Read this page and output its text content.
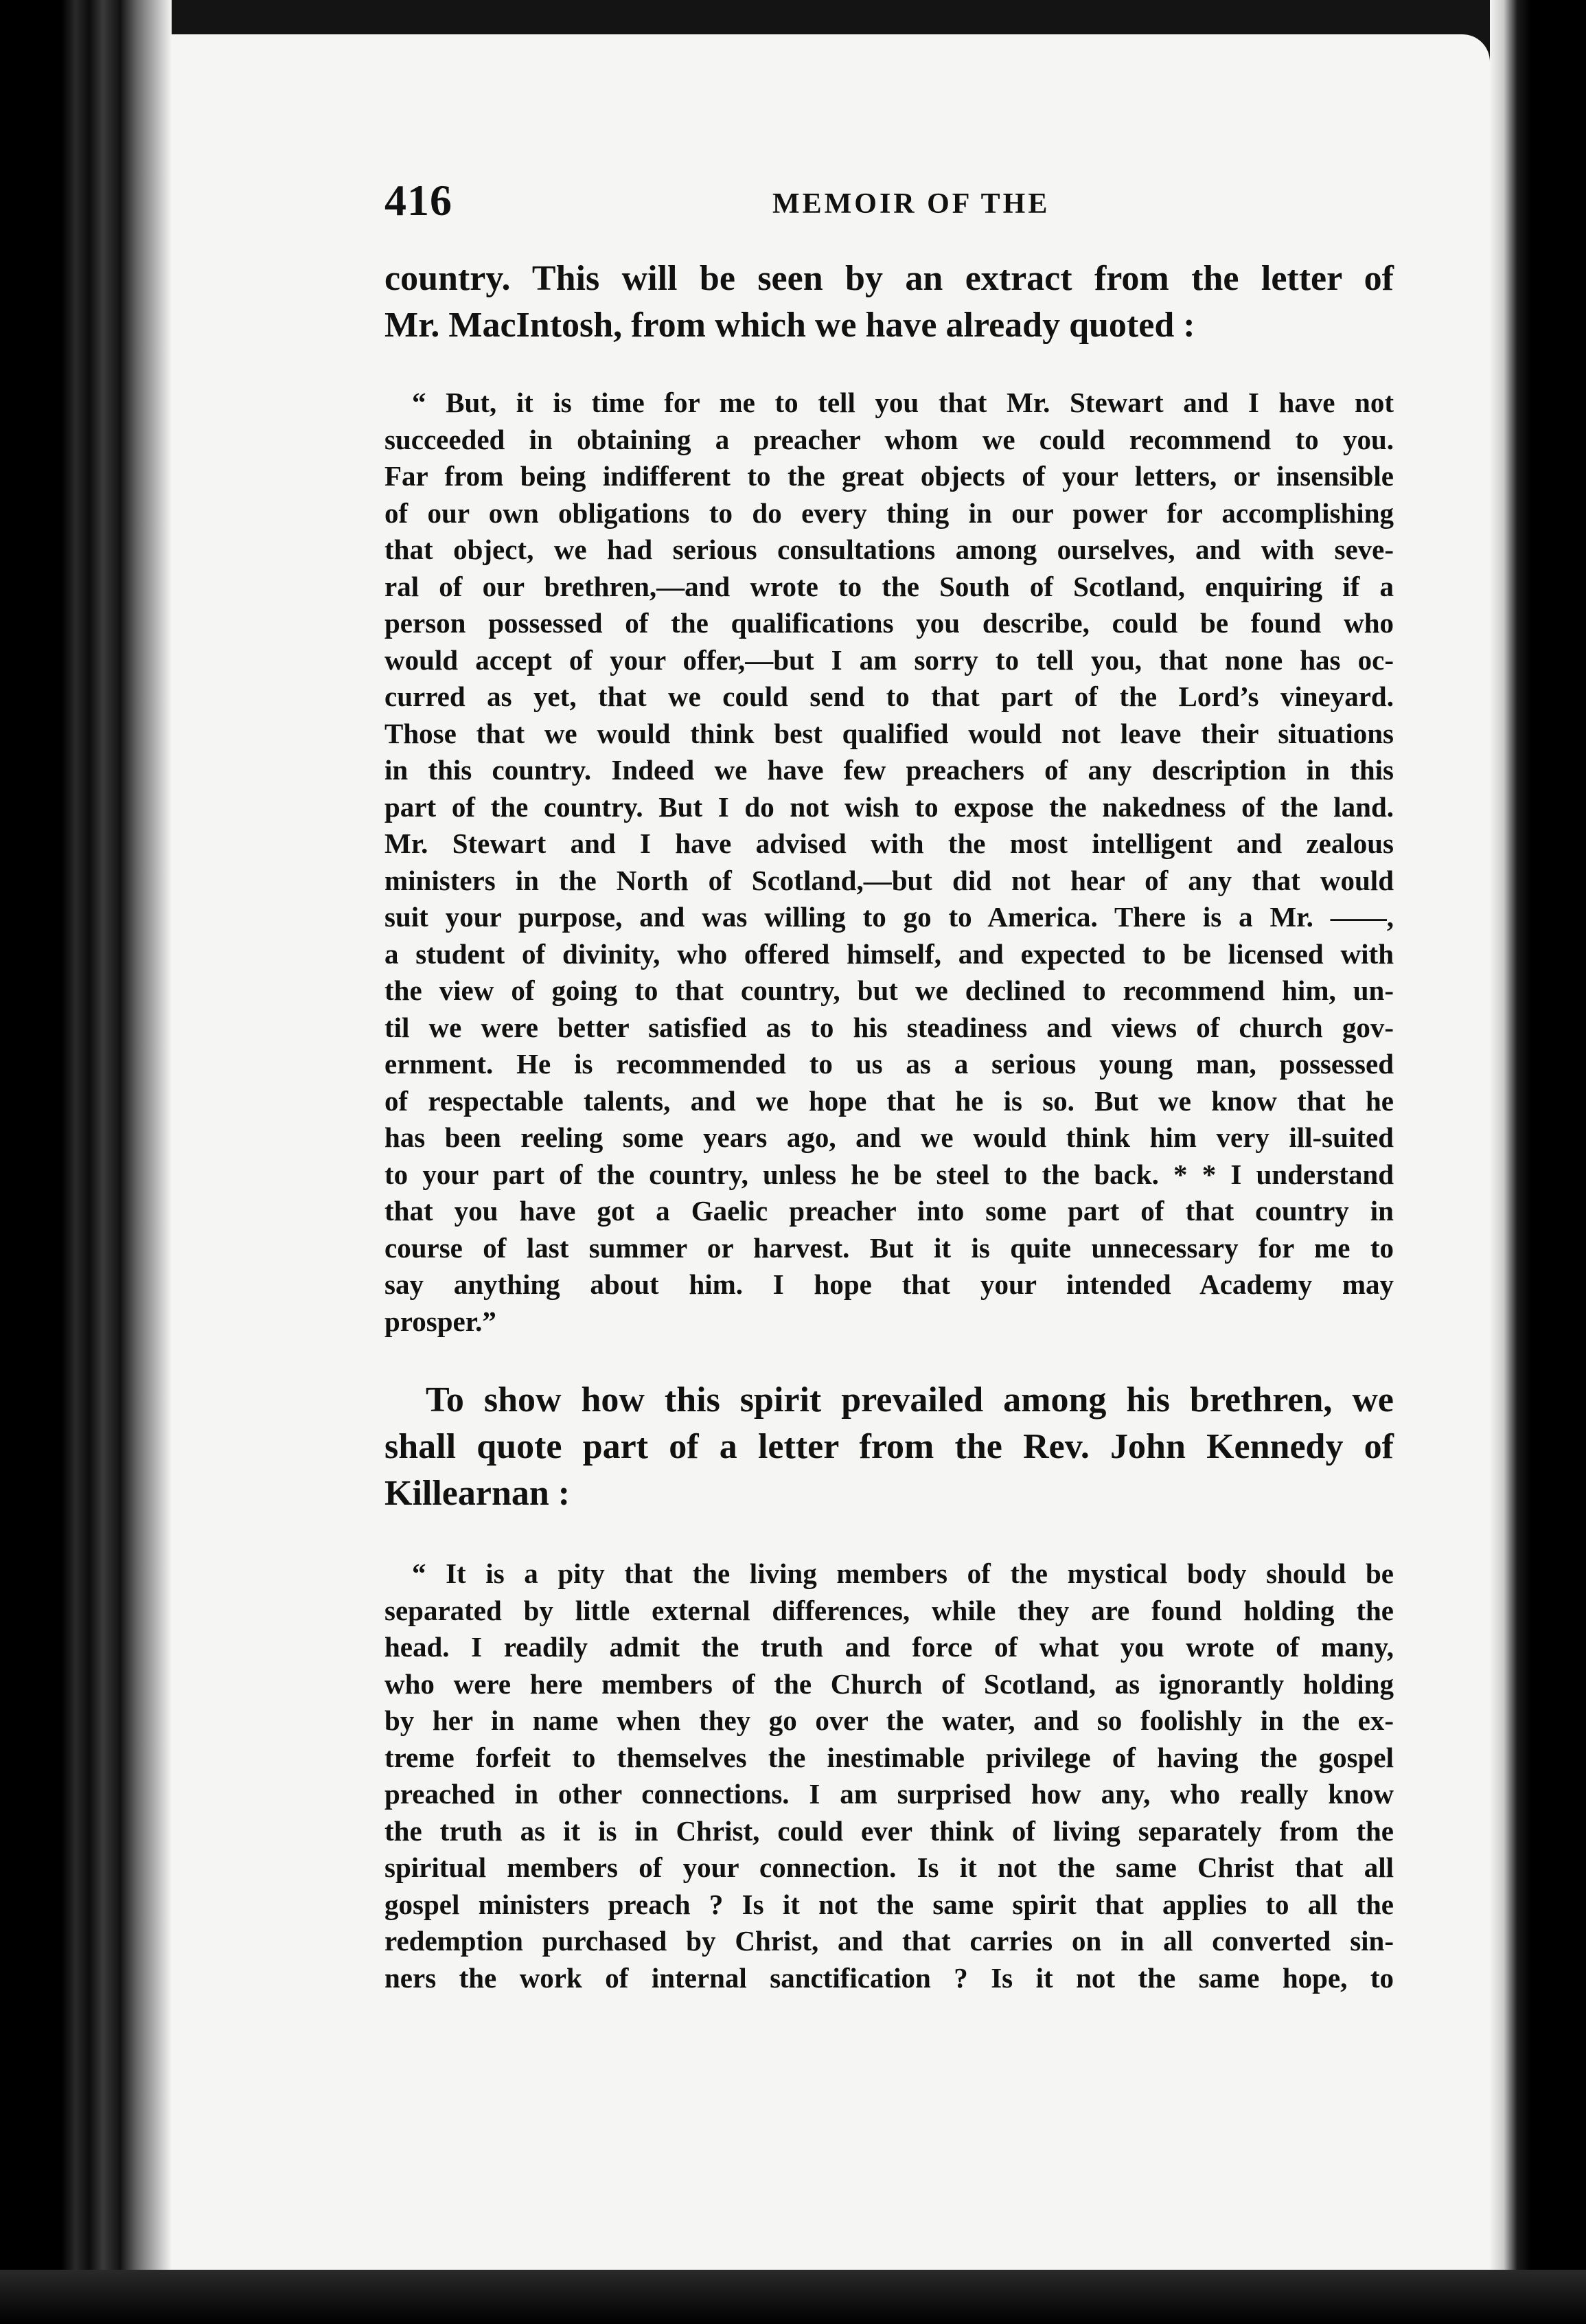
416	MEMOIR OF THE
country. This will be seen by an extract from the letter of
Mr. MacIntosh, from which we have already quoted :
“ But, it is time for me to tell you that Mr. Stewart and I have not
succeeded in obtaining a preacher whom we could recommend to you.
Far from being indifferent to the great objects of your letters, or insensible
of our own obligations to do every thing in our power for accomplishing
that object, we had serious consultations among ourselves, and with seve-
ral of our brethren,—and wrote to the South of Scotland, enquiring if a
person possessed of the qualifications you describe, could be found who
would accept of your offer,—but I am sorry to tell you, that none has oc-
curred as yet, that we could send to that part of the Lord’s vineyard.
Those that we would think best qualified would not leave their situations
in this country. Indeed we have few preachers of any description in this
part of the country. But I do not wish to expose the nakedness of the land.
Mr. Stewart and I have advised with the most intelligent and zealous
ministers in the North of Scotland,—but did not hear of any that would
suit your purpose, and was willing to go to America. There is a Mr. ——,
a student of divinity, who offered himself, and expected to be licensed with
the view of going to that country, but we declined to recommend him, un-
til we were better satisfied as to his steadiness and views of church gov-
ernment. He is recommended to us as a serious young man, possessed
of respectable talents, and we hope that he is so. But we know that he
has been reeling some years ago, and we would think him very ill-suited
to your part of the country, unless he be steel to the back. * * I understand
that you have got a Gaelic preacher into some part of that country in
course of last summer or harvest. But it is quite unnecessary for me to
say anything about him. I hope that your intended Academy may
prosper.”
To show how this spirit prevailed among his brethren, we
shall quote part of a letter from the Rev. John Kennedy of
Killearnan :
“ It is a pity that the living members of the mystical body should be
separated by little external differences, while they are found holding the
head. I readily admit the truth and force of what you wrote of many,
who were here members of the Church of Scotland, as ignorantly holding
by her in name when they go over the water, and so foolishly in the ex-
treme forfeit to themselves the inestimable privilege of having the gospel
preached in other connections. I am surprised how any, who really know
the truth as it is in Christ, could ever think of living separately from the
spiritual members of your connection. Is it not the same Christ that all
gospel ministers preach ? Is it not the same spirit that applies to all the
redemption purchased by Christ, and that carries on in all converted sin-
ners the work of internal sanctification ? Is it not the same hope, to
